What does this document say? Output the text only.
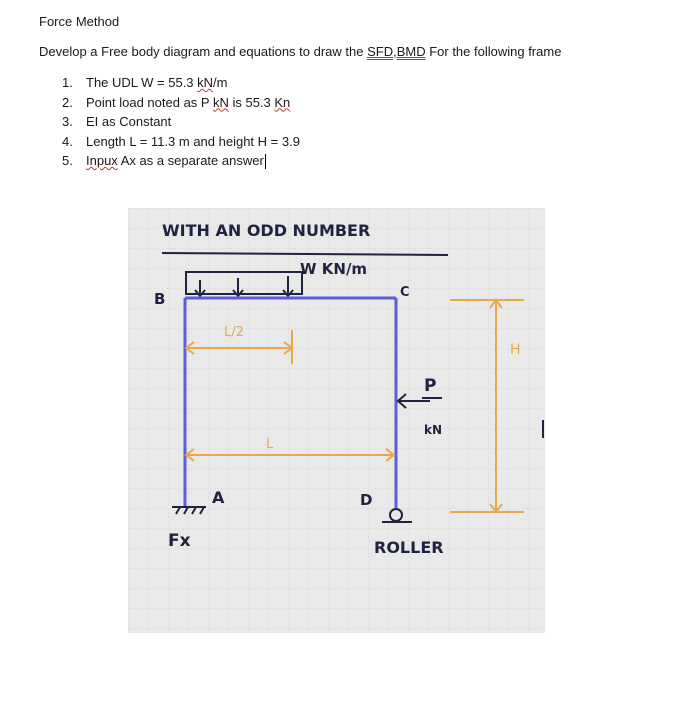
Force Method
Develop a Free body diagram and equations to draw the SFD,BMD For the following frame
1. The UDL W = 55.3 kN/m
2. Point load noted as P kN is 55.3 Kn
3. EI as Constant
4. Length L = 11.3 m and height H = 3.9
5. Inpux Ax as a separate answer
WITH AN ODD NUMBER
W KN/m
B	C
L/2
L
P
kN
H
A
Fx
D
ROLLER
